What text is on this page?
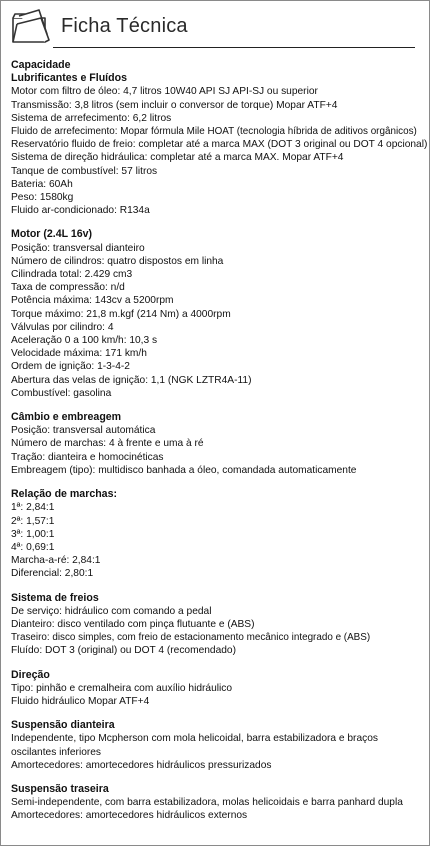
Ficha Técnica
Capacidade
Lubrificantes e Fluídos
Motor com filtro de óleo: 4,7 litros 10W40 API SJ API-SJ ou superior
Transmissão: 3,8 litros (sem incluir o conversor de torque) Mopar ATF+4
Sistema de arrefecimento: 6,2 litros
Fluido de arrefecimento: Mopar fórmula Mile HOAT (tecnologia híbrida de aditivos orgânicos)
Reservatório fluido de freio: completar até a marca MAX (DOT 3 original ou DOT 4 opcional)
Sistema de direção hidráulica: completar até a marca MAX. Mopar ATF+4
Tanque de combustível: 57 litros
Bateria: 60Ah
Peso: 1580kg
Fluido ar-condicionado: R134a
Motor (2.4L 16v)
Posição: transversal dianteiro
Número de cilindros: quatro dispostos em linha
Cilindrada total: 2.429 cm3
Taxa de compressão: n/d
Potência máxima: 143cv a 5200rpm
Torque máximo: 21,8 m.kgf (214 Nm) a 4000rpm
Válvulas por cilindro: 4
Aceleração 0 a 100 km/h: 10,3 s
Velocidade máxima: 171 km/h
Ordem de ignição: 1-3-4-2
Abertura das velas de ignição: 1,1 (NGK LZTR4A-11)
Combustível: gasolina
Câmbio e embreagem
Posição: transversal automática
Número de marchas: 4 à frente e uma à ré
Tração: dianteira e homocinéticas
Embreagem (tipo): multidisco banhada a óleo, comandada automaticamente
Relação de marchas:
1ª: 2,84:1
2ª: 1,57:1
3ª: 1,00:1
4ª: 0,69:1
Marcha-a-ré: 2,84:1
Diferencial: 2,80:1
Sistema de freios
De serviço: hidráulico com comando a pedal
Dianteiro: disco ventilado com pinça flutuante e (ABS)
Traseiro: disco simples, com freio de estacionamento mecânico integrado e (ABS)
Fluído: DOT 3 (original) ou DOT 4 (recomendado)
Direção
Tipo: pinhão e cremalheira com auxílio hidráulico
Fluido hidráulico Mopar ATF+4
Suspensão dianteira
Independente, tipo Mcpherson com mola helicoidal, barra estabilizadora e braços oscilantes inferiores
Amortecedores: amortecedores hidráulicos pressurizados
Suspensão traseira
Semi-independente, com barra estabilizadora, molas helicoidais e barra panhard dupla
Amortecedores: amortecedores hidráulicos externos
